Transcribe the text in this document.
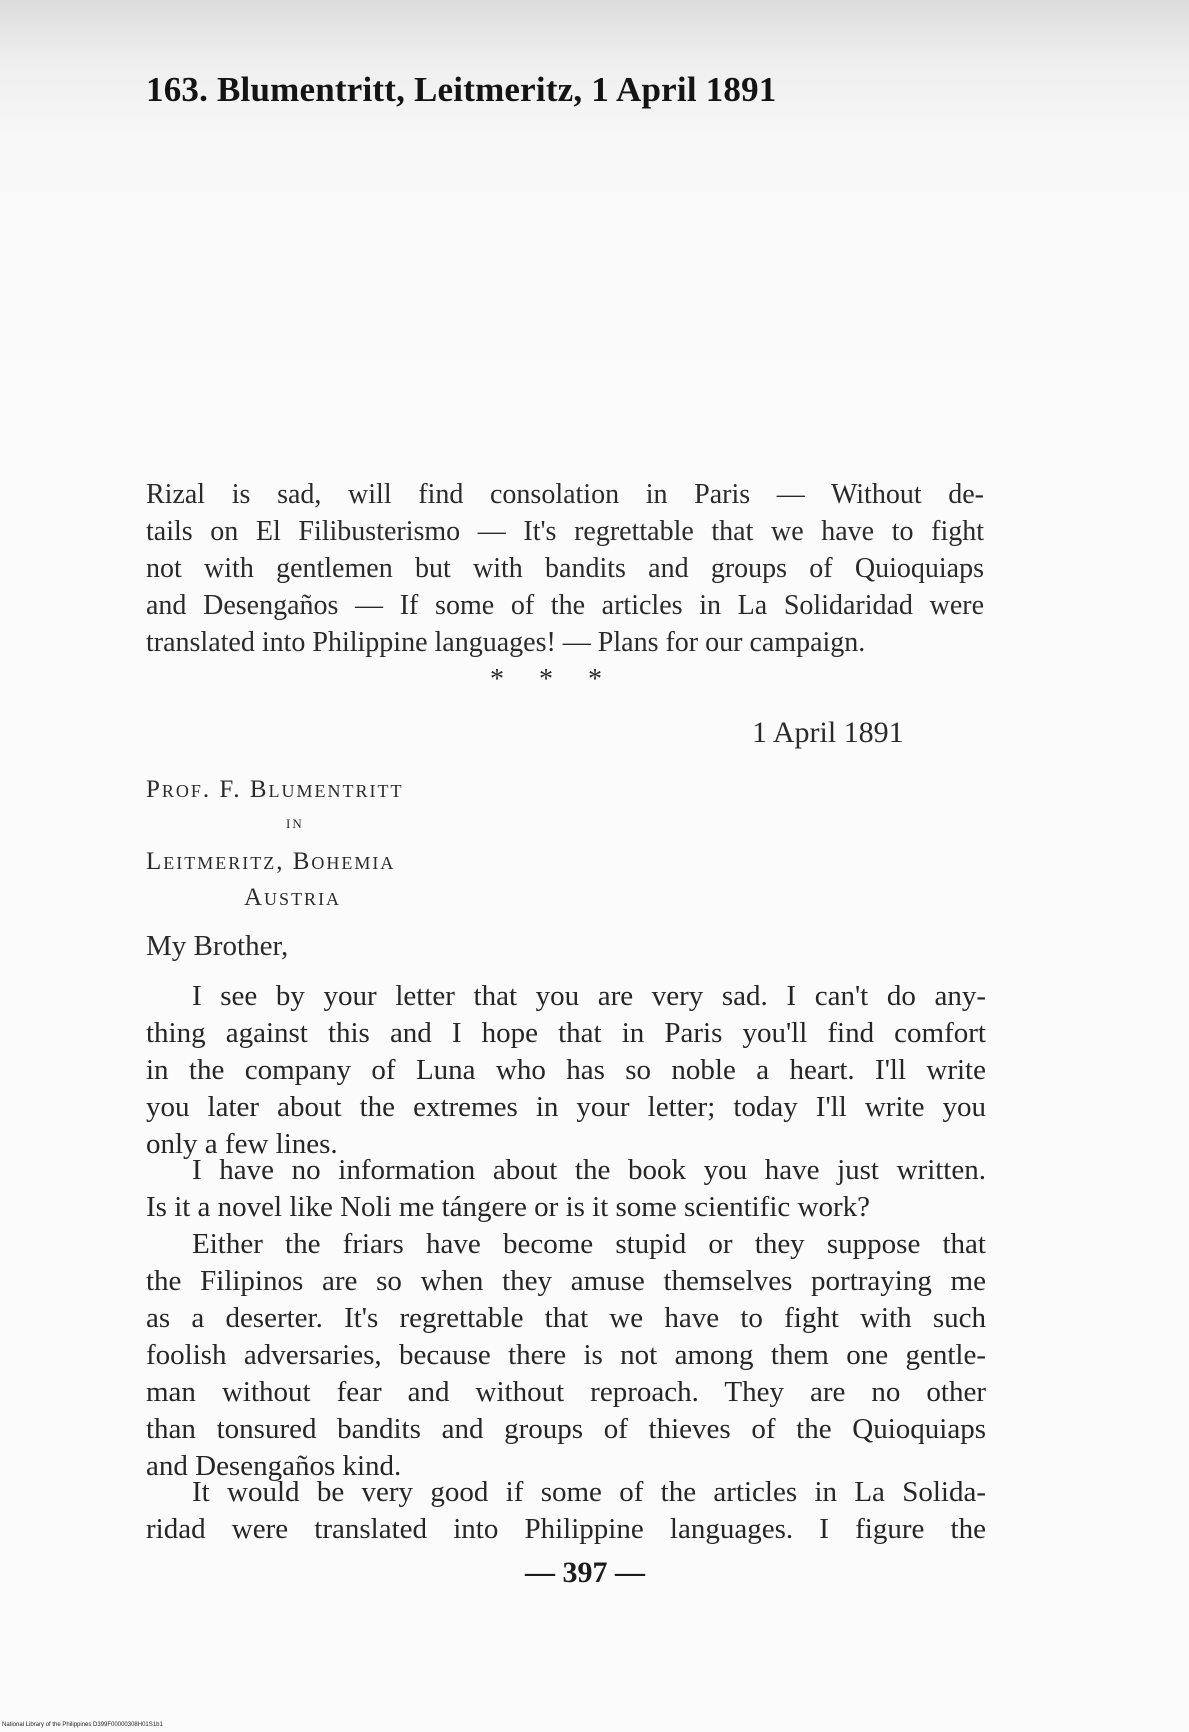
163. Blumentritt, Leitmeritz, 1 April 1891
Rizal is sad, will find consolation in Paris — Without de-
tails on El Filibusterismo — It's regrettable that we have to fight
not with gentlemen but with bandits and groups of Quioquiaps
and Desengaños — If some of the articles in La Solidaridad were
translated into Philippine languages! — Plans for our campaign.
* * *
1 April 1891
Prof. F. Blumentritt
in
Leitmeritz, Bohemia
Austria
My Brother,
I see by your letter that you are very sad. I can't do any-
thing against this and I hope that in Paris you'll find comfort
in the company of Luna who has so noble a heart. I'll write
you later about the extremes in your letter; today I'll write you
only a few lines.
I have no information about the book you have just written.
Is it a novel like Noli me tángere or is it some scientific work?
Either the friars have become stupid or they suppose that
the Filipinos are so when they amuse themselves portraying me
as a deserter. It's regrettable that we have to fight with such
foolish adversaries, because there is not among them one gentle-
man without fear and without reproach. They are no other
than tonsured bandits and groups of thieves of the Quioquiaps
and Desengaños kind.
It would be very good if some of the articles in La Solida-
ridad were translated into Philippine languages. I figure the
— 397 —
National Library of the Philippines D399F00000308H01S1b1
